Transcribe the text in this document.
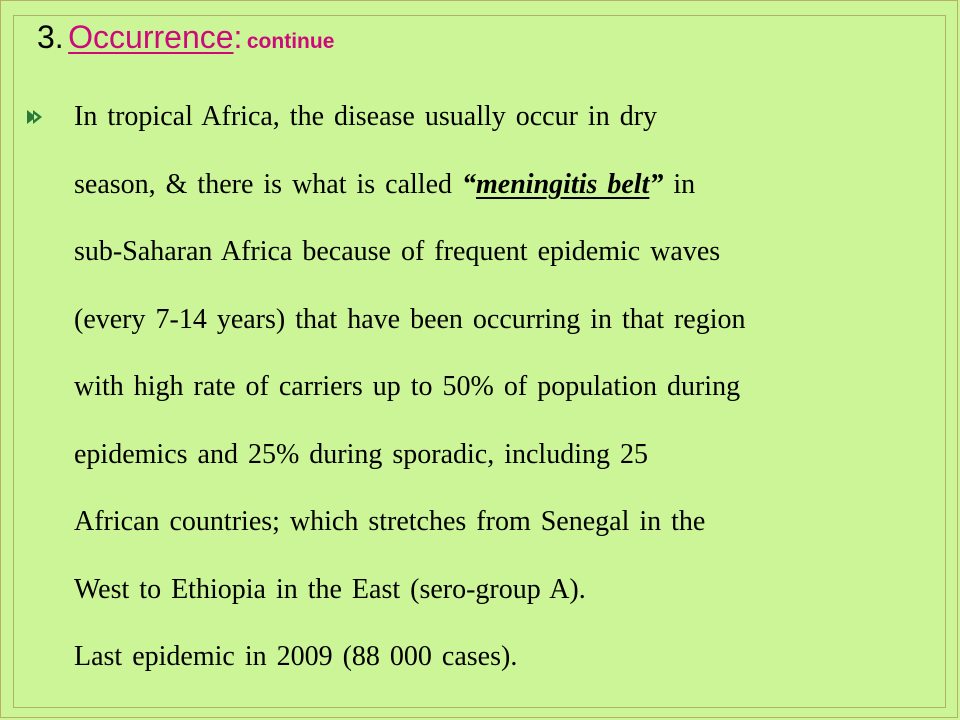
3. Occurrence: continue
In tropical Africa, the disease usually occur in dry
season, & there is what is called “meningitis belt” in
sub-Saharan Africa because of frequent epidemic waves
(every 7-14 years) that have been occurring in that region
with high rate of carriers up to 50% of population during
epidemics and 25% during sporadic, including 25
African countries; which stretches from Senegal in the
West to Ethiopia in the East (sero-group A).
Last epidemic in 2009 (88 000 cases).
